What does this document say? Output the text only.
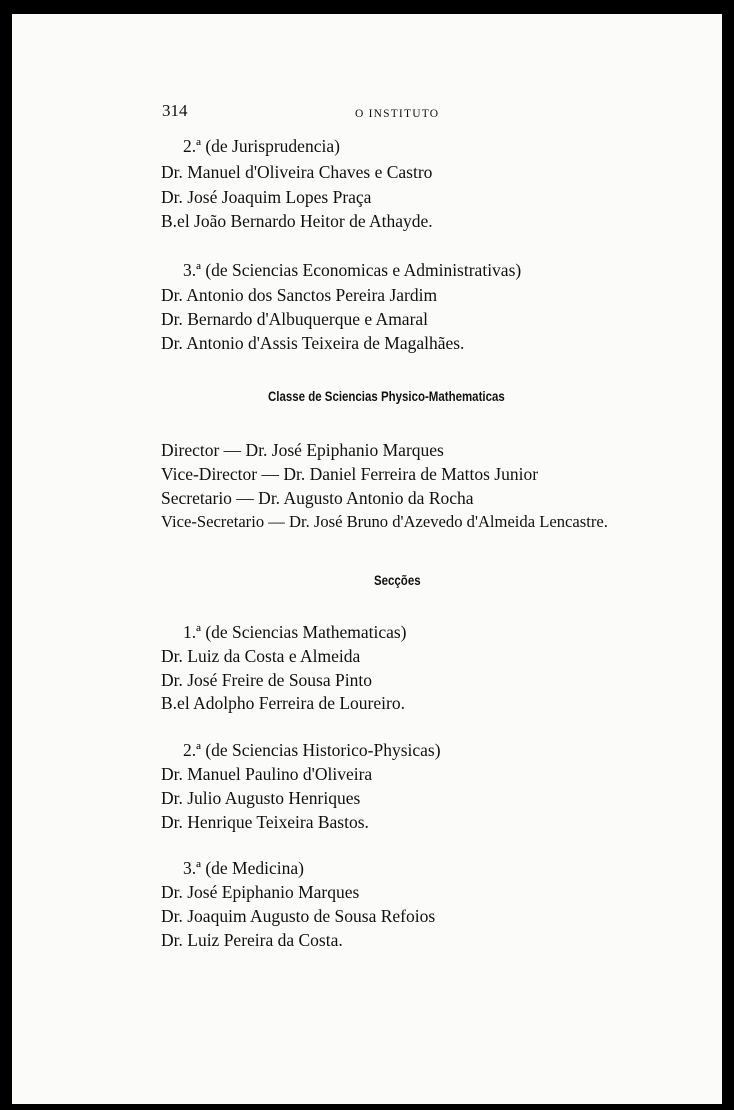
314	O INSTITUTO
2.ª (de Jurisprudencia)
Dr. Manuel d'Oliveira Chaves e Castro
Dr. José Joaquim Lopes Praça
B.el João Bernardo Heitor de Athayde.
3.ª (de Sciencias Economicas e Administrativas)
Dr. Antonio dos Sanctos Pereira Jardim
Dr. Bernardo d'Albuquerque e Amaral
Dr. Antonio d'Assis Teixeira de Magalhães.
Classe de Sciencias Physico-Mathematicas
Director — Dr. José Epiphanio Marques
Vice-Director — Dr. Daniel Ferreira de Mattos Junior
Secretario — Dr. Augusto Antonio da Rocha
Vice-Secretario — Dr. José Bruno d'Azevedo d'Almeida Lencastre.
Secções
1.ª (de Sciencias Mathematicas)
Dr. Luiz da Costa e Almeida
Dr. José Freire de Sousa Pinto
B.el Adolpho Ferreira de Loureiro.
2.ª (de Sciencias Historico-Physicas)
Dr. Manuel Paulino d'Oliveira
Dr. Julio Augusto Henriques
Dr. Henrique Teixeira Bastos.
3.ª (de Medicina)
Dr. José Epiphanio Marques
Dr. Joaquim Augusto de Sousa Refoios
Dr. Luiz Pereira da Costa.
